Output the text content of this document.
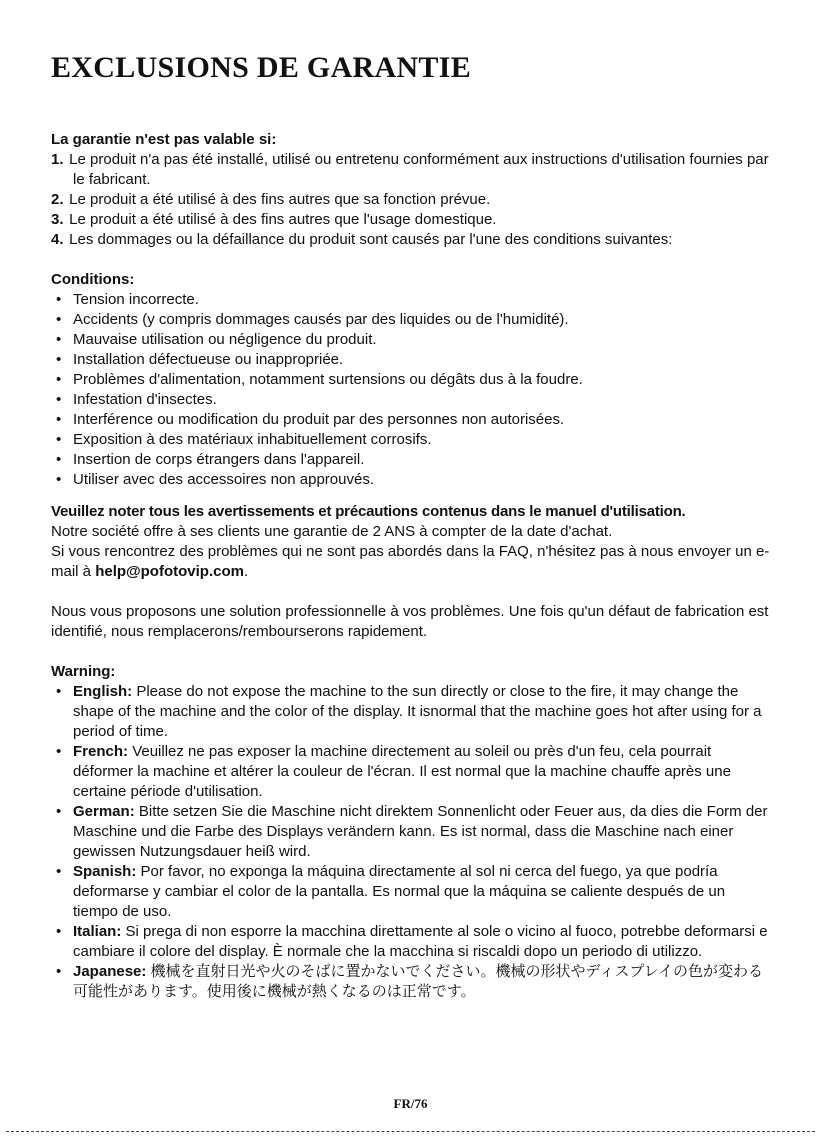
EXCLUSIONS DE GARANTIE

La garantie n'est pas valable si:

1. Le produit n'a pas été installé, utilisé ou entretenu conformément aux instructions d'utilisation fournies par le fabricant.
2. Le produit a été utilisé à des fins autres que sa fonction prévue.
3. Le produit a été utilisé à des fins autres que l'usage domestique.
4. Les dommages ou la défaillance du produit sont causés par l'une des conditions suivantes:

Conditions:

• Tension incorrecte.
• Accidents (y compris dommages causés par des liquides ou de l'humidité).
• Mauvaise utilisation ou négligence du produit.
• Installation défectueuse ou inappropriée.
• Problèmes d'alimentation, notamment surtensions ou dégâts dus à la foudre.
• Infestation d'insectes.
• Interférence ou modification du produit par des personnes non autorisées.
• Exposition à des matériaux inhabituellement corrosifs.
• Insertion de corps étrangers dans l'appareil.
• Utiliser avec des accessoires non approuvés.

Veuillez noter tous les avertissements et précautions contenus dans le manuel d'utilisation.

Notre société offre à ses clients une garantie de 2 ANS à compter de la date d'achat.
Si vous rencontrez des problèmes qui ne sont pas abordés dans la FAQ, n'hésitez pas à nous envoyer un e-mail à help@pofotovip.com.
Nous vous proposons une solution professionnelle à vos problèmes. Une fois qu'un défaut de fabrication est identifié, nous remplacerons/rembourserons rapidement.

Warning:

• English: Please do not expose the machine to the sun directly or close to the fire, it may change the shape of the machine and the color of the display. It isnormal that the machine goes hot after using for a period of time.
• French: Veuillez ne pas exposer la machine directement au soleil ou près d'un feu, cela pourrait déformer la machine et altérer la couleur de l'écran. Il est normal que la machine chauffe après une certaine période d'utilisation.
• German: Bitte setzen Sie die Maschine nicht direktem Sonnenlicht oder Feuer aus, da dies die Form der Maschine und die Farbe des Displays verändern kann. Es ist normal, dass die Maschine nach einer gewissen Nutzungsdauer heiß wird.
• Spanish: Por favor, no exponga la máquina directamente al sol ni cerca del fuego, ya que podría deformarse y cambiar el color de la pantalla. Es normal que la máquina se caliente después de un tiempo de uso.
• Italian: Si prega di non esporre la macchina direttamente al sole o vicino al fuoco, potrebbe deformarsi e cambiare il colore del display. È normale che la macchina si riscaldi dopo un periodo di utilizzo.
• Japanese: 機械を直射日光や火のそばに置かないでください。機械の形状やディスプレイの色が変わる可能性があります。使用後に機械が熱くなるのは正常です。
FR/76
